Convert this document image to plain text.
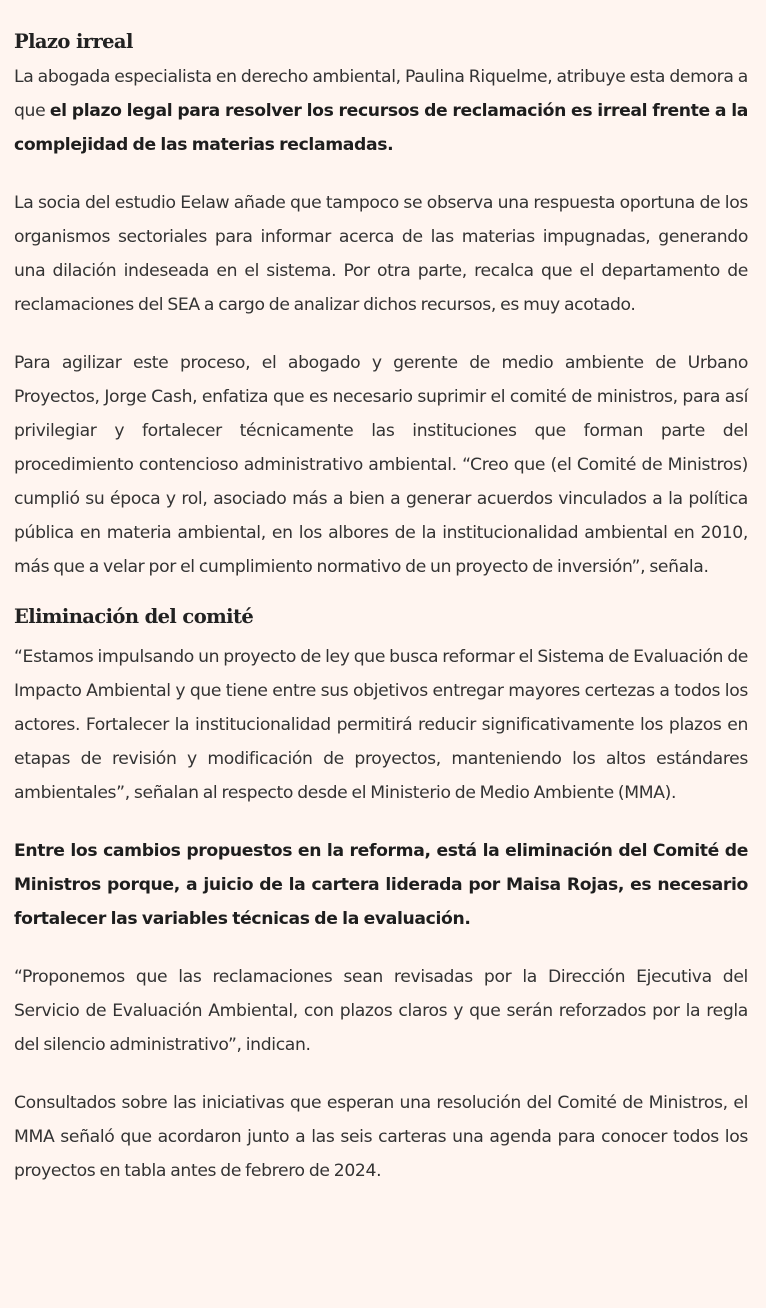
Plazo irreal

La abogada especialista en derecho ambiental, Paulina Riquelme, atribuye esta demora a que el plazo legal para resolver los recursos de reclamación es irreal frente a la complejidad de las materias reclamadas.

La socia del estudio Eelaw añade que tampoco se observa una respuesta oportuna de los organismos sectoriales para informar acerca de las materias impugnadas, generando una dilación indeseada en el sistema. Por otra parte, recalca que el departamento de reclamaciones del SEA a cargo de analizar dichos recursos, es muy acotado.

Para agilizar este proceso, el abogado y gerente de medio ambiente de Urbano Proyectos, Jorge Cash, enfatiza que es necesario suprimir el comité de ministros, para así privilegiar y fortalecer técnicamente las instituciones que forman parte del procedimiento contencioso administrativo ambiental. “Creo que (el Comité de Ministros) cumplió su época y rol, asociado más a bien a generar acuerdos vinculados a la política pública en materia ambiental, en los albores de la institucionalidad ambiental en 2010, más que a velar por el cumplimiento normativo de un proyecto de inversión”, señala.

Eliminación del comité

“Estamos impulsando un proyecto de ley que busca reformar el Sistema de Evaluación de Impacto Ambiental y que tiene entre sus objetivos entregar mayores certezas a todos los actores. Fortalecer la institucionalidad permitirá reducir significativamente los plazos en etapas de revisión y modificación de proyectos, manteniendo los altos estándares ambientales”, señalan al respecto desde el Ministerio de Medio Ambiente (MMA).

Entre los cambios propuestos en la reforma, está la eliminación del Comité de Ministros porque, a juicio de la cartera liderada por Maisa Rojas, es necesario fortalecer las variables técnicas de la evaluación.

“Proponemos que las reclamaciones sean revisadas por la Dirección Ejecutiva del Servicio de Evaluación Ambiental, con plazos claros y que serán reforzados por la regla del silencio administrativo”, indican.

Consultados sobre las iniciativas que esperan una resolución del Comité de Ministros, el MMA señaló que acordaron junto a las seis carteras una agenda para conocer todos los proyectos en tabla antes de febrero de 2024.
